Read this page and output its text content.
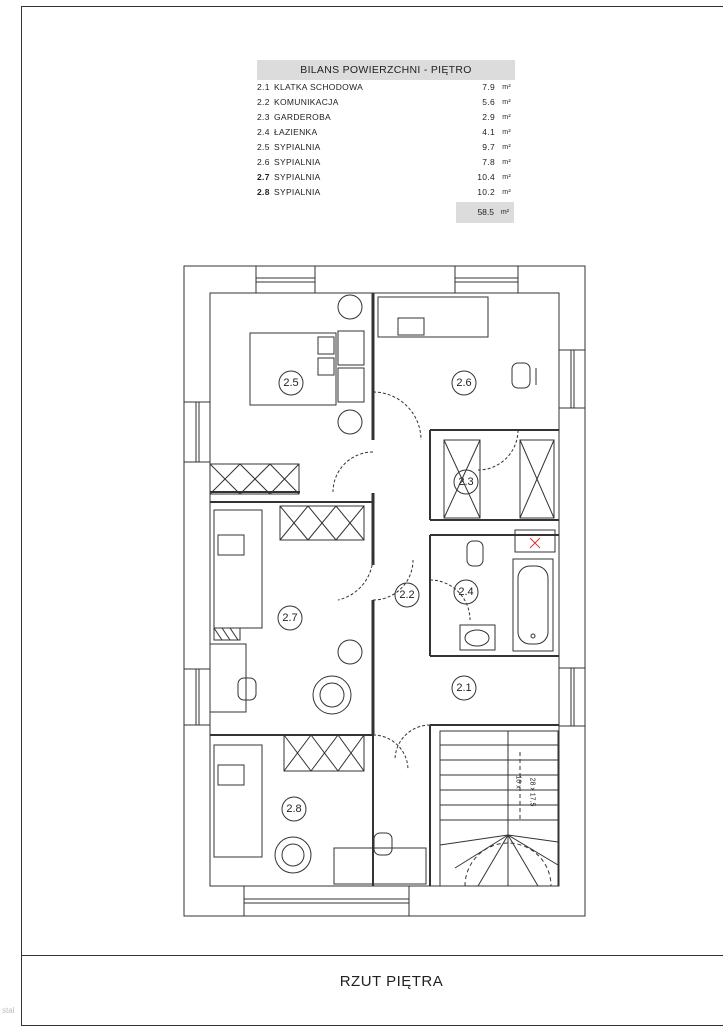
BILANS POWIERZCHNI - PIĘTRO
2.1 KLATKA SCHODOWA	7.9 m²
2.2 KOMUNIKACJA	5.6 m²
2.3 GARDEROBA	2.9 m²
2.4 ŁAZIENKA	4.1 m²
2.5 SYPIALNIA	9.7 m²
2.6 SYPIALNIA	7.8 m²
2.7 SYPIALNIA	10.4 m²
2.8 SYPIALNIA	10.2 m²
58.5 m²
2.5	2.6
2.3
2.4
2.2
2.1
2.7
2.8
28 x 17.5
16 x
RZUT PIĘTRA
stal
